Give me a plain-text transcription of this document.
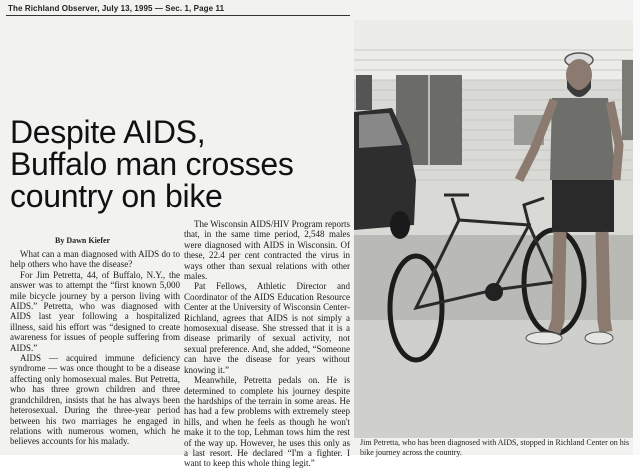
The Richland Observer, July 13, 1995 — Sec. 1, Page 11
Despite AIDS,
Buffalo man crosses
country on bike
By Dawn Kiefer

What can a man diagnosed with AIDS do to help others who have the disease?

For Jim Petretta, 44, of Buffalo, N.Y., the answer was to attempt the “first known 5,000 mile bicycle journey by a person living with AIDS.” Petretta, who was diagnosed with AIDS last year following a hospitalized illness, said his effort was “designed to create awareness for issues of people suffering from AIDS.”

AIDS — acquired immune deficiency syndrome — was once thought to be a disease affecting only homosexual males. But Petretta, who has three grown children and three grandchildren, insists that he has always been heterosexual. During the three-year period between his two marriages he engaged in relations with numerous women, which he believes accounts for his malady.

The Wisconsin AIDS/HIV Program reports that, in the same time period, 2,548 males were diagnosed with AIDS in Wisconsin. Of these, 22.4 per cent contracted the virus in ways other than sexual relations with other males.

Pat Fellows, Athletic Director and Coordinator of the AIDS Education Resource Center at the University of Wisconsin Center-Richland, agrees that AIDS is not simply a homosexual disease. She stressed that it is a disease primarily of sexual activity, not sexual preference. And, she added, “Someone can have the disease for years without knowing it.”

Meanwhile, Petretta pedals on. He is determined to complete his journey despite the hardships of the terrain in some areas. He has had a few problems with extremely steep hills, and when he feels as though he won't make it to the top, Lehman tows him the rest of the way up. However, he uses this only as a last resort. He declared “I'm a fighter. I want to keep this whole thing legit.”

Jim Petretta, who has been diagnosed with AIDS, stopped in Richland Center on his bike journey across the country.
